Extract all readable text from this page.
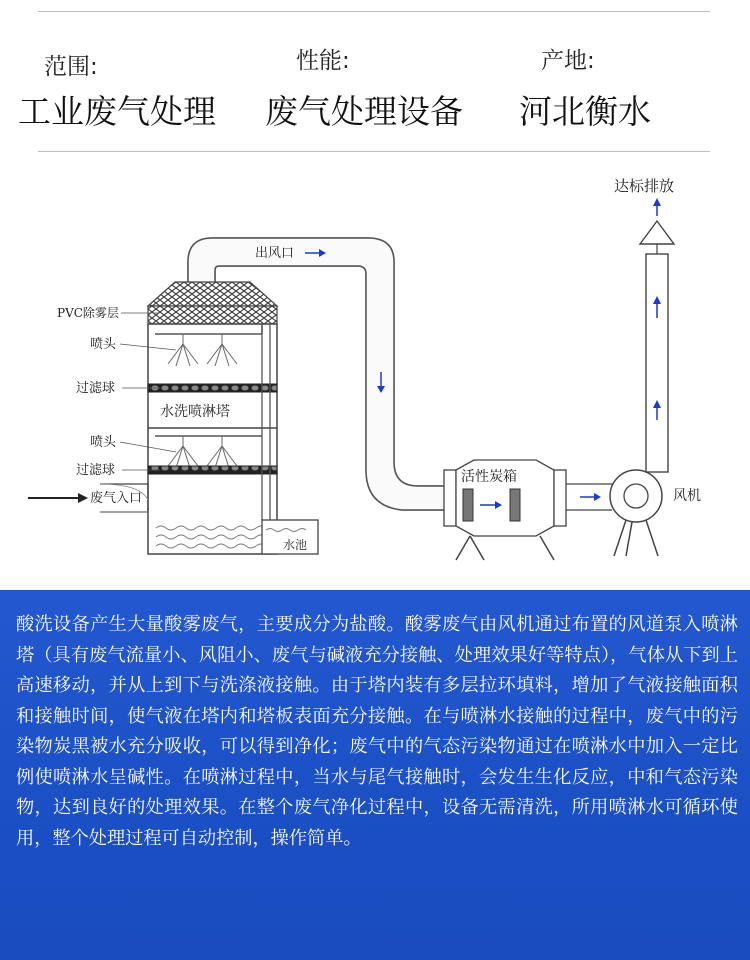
范围:	性能:	产地:
工业废气处理 废气处理设备 河北衡水
出风口
水洗喷淋塔
水池
PVC除雾层
喷头
过滤球
喷头
过滤球
废气入口
活性炭箱
风机
达标排放

酸洗设备产生大量酸雾废气，主要成分为盐酸。酸雾废气由风机通过布置的风道泵入喷淋塔（具有废气流量小、风阻小、废气与碱液充分接触、处理效果好等特点），气体从下到上高速移动，并从上到下与洗涤液接触。由于塔内装有多层拉环填料，增加了气液接触面积和接触时间，使气液在塔内和塔板表面充分接触。在与喷淋水接触的过程中，废气中的污染物炭黑被水充分吸收，可以得到净化；废气中的气态污染物通过在喷淋水中加入一定比例使喷淋水呈碱性。在喷淋过程中，当水与尾气接触时，会发生生化反应，中和气态污染物，达到良好的处理效果。在整个废气净化过程中，设备无需清洗，所用喷淋水可循环使用，整个处理过程可自动控制，操作简单。
